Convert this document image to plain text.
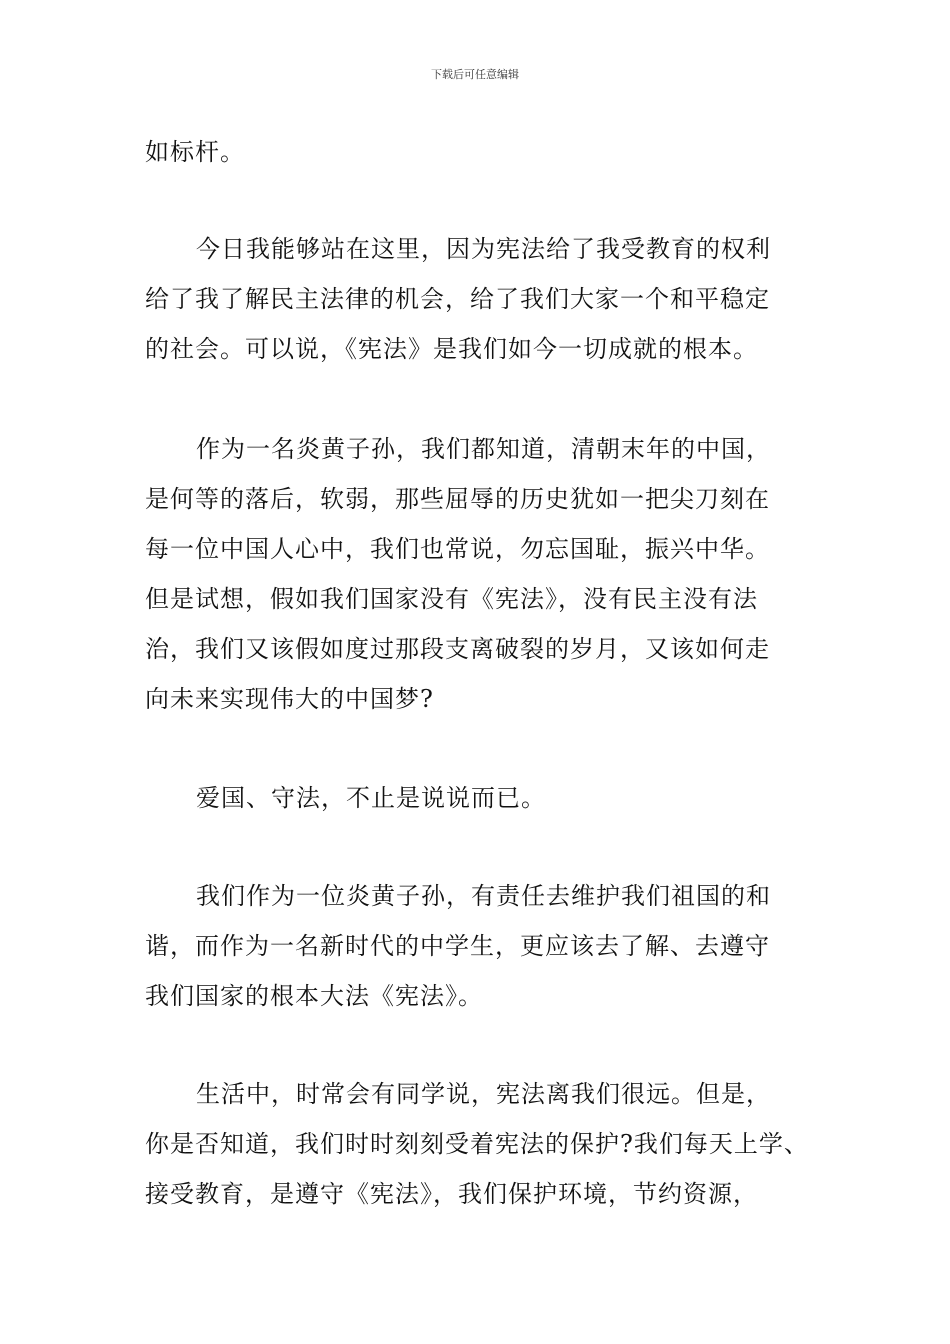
下载后可任意编辑
如标杆。
今日我能够站在这里，因为宪法给了我受教育的权利
给了我了解民主法律的机会，给了我们大家一个和平稳定
的社会。可以说，《宪法》是我们如今一切成就的根本。
作为一名炎黄子孙，我们都知道，清朝末年的中国，
是何等的落后，软弱，那些屈辱的历史犹如一把尖刀刻在
每一位中国人心中，我们也常说，勿忘国耻，振兴中华。
但是试想，假如我们国家没有《宪法》，没有民主没有法
治，我们又该假如度过那段支离破裂的岁月，又该如何走
向未来实现伟大的中国梦?
爱国、守法，不止是说说而已。
我们作为一位炎黄子孙，有责任去维护我们祖国的和
谐，而作为一名新时代的中学生，更应该去了解、去遵守
我们国家的根本大法《宪法》。
生活中，时常会有同学说，宪法离我们很远。但是，
你是否知道，我们时时刻刻受着宪法的保护?我们每天上学、
接受教育，是遵守《宪法》，我们保护环境，节约资源，
